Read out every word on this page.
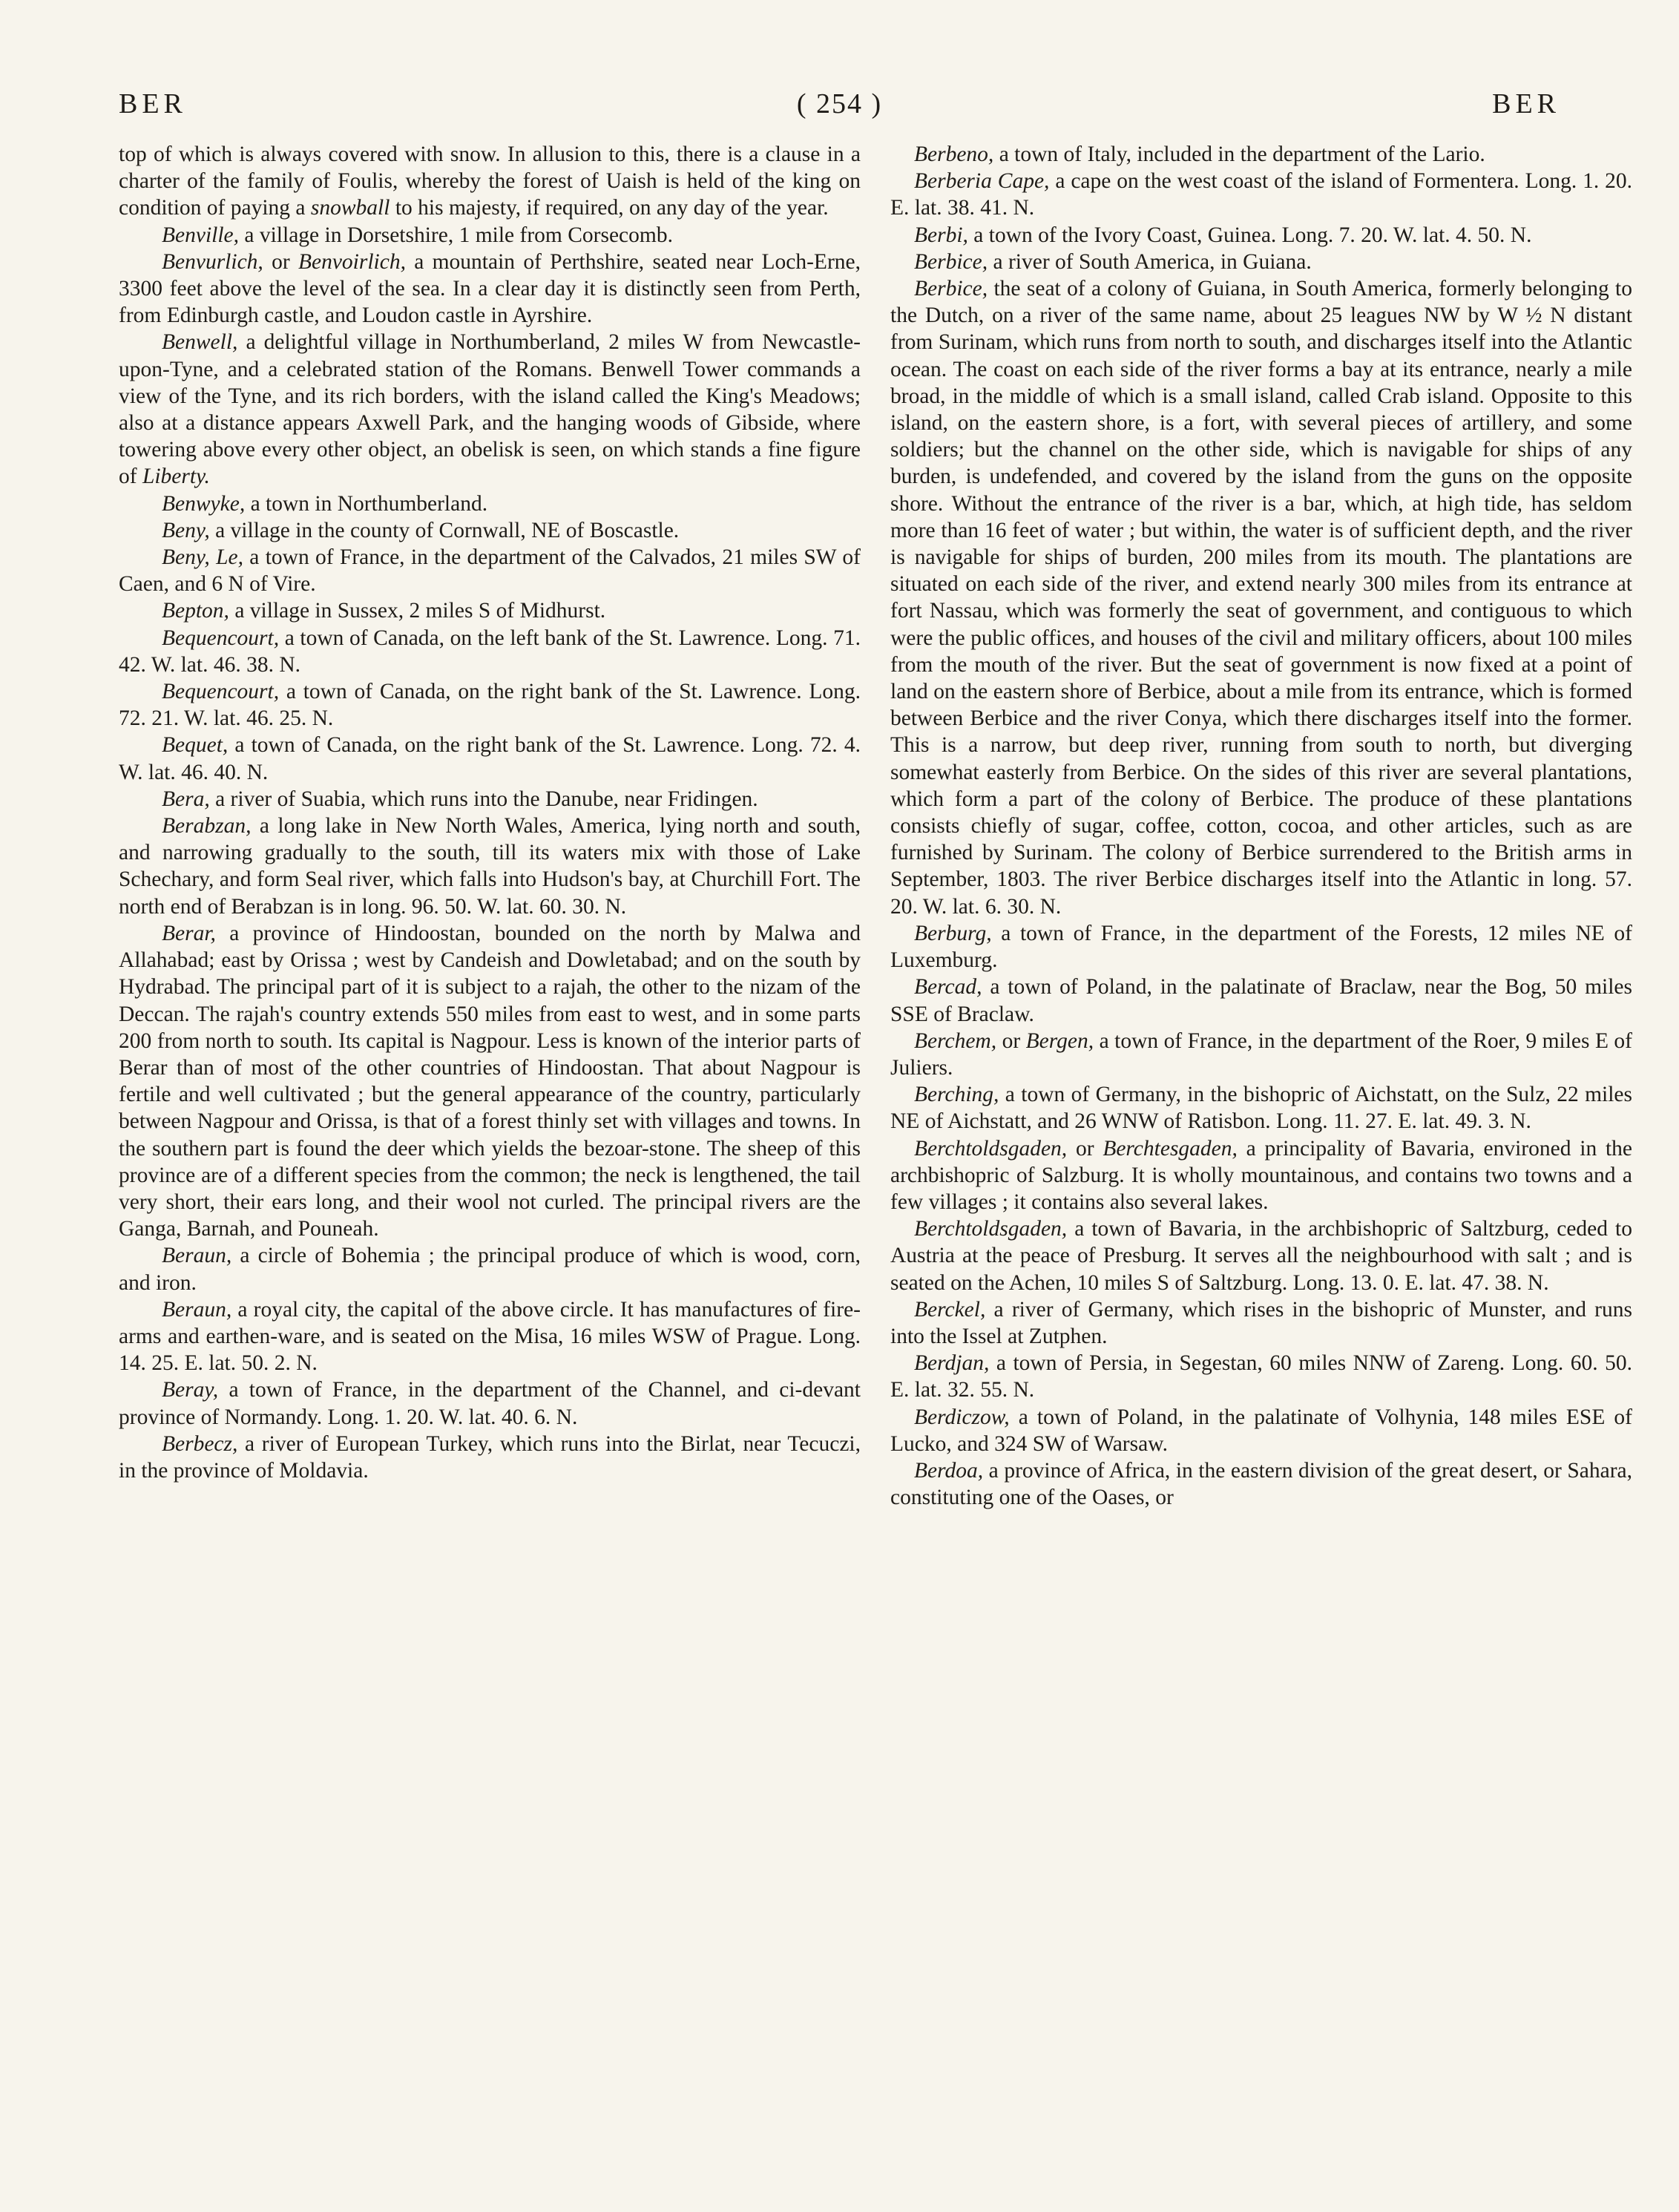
BER	( 254 )	BER

top of which is always covered with snow. In allusion to this, there is a clause in a charter of the family of Foulis, whereby the forest of Uaish is held of the king on condition of paying a snowball to his majesty, if required, on any day of the year.

Benville, a village in Dorsetshire, 1 mile from Corsecomb.

Benvurlich, or Benvoirlich, a mountain of Perthshire, seated near Loch-Erne, 3300 feet above the level of the sea. In a clear day it is distinctly seen from Perth, from Edinburgh castle, and Loudon castle in Ayrshire.

Benwell, a delightful village in Northumberland, 2 miles W from Newcastle-upon-Tyne, and a celebrated station of the Romans. Benwell Tower commands a view of the Tyne, and its rich borders, with the island called the King's Meadows; also at a distance appears Axwell Park, and the hanging woods of Gibside, where towering above every other object, an obelisk is seen, on which stands a fine figure of Liberty.

Benwyke, a town in Northumberland.

Beny, a village in the county of Cornwall, NE of Boscastle.

Beny, Le, a town of France, in the department of the Calvados, 21 miles SW of Caen, and 6 N of Vire.

Bepton, a village in Sussex, 2 miles S of Midhurst.

Bequencourt, a town of Canada, on the left bank of the St. Lawrence. Long. 71. 42. W. lat. 46. 38. N.

Bequencourt, a town of Canada, on the right bank of the St. Lawrence. Long. 72. 21. W. lat. 46. 25. N.

Bequet, a town of Canada, on the right bank of the St. Lawrence. Long. 72. 4. W. lat. 46. 40. N.

Bera, a river of Suabia, which runs into the Danube, near Fridingen.

Berabzan, a long lake in New North Wales, America, lying north and south, and narrowing gradually to the south, till its waters mix with those of Lake Schechary, and form Seal river, which falls into Hudson's bay, at Churchill Fort. The north end of Berabzan is in long. 96. 50. W. lat. 60. 30. N.

Berar, a province of Hindoostan, bounded on the north by Malwa and Allahabad; east by Orissa ; west by Candeish and Dowletabad; and on the south by Hydrabad. The principal part of it is subject to a rajah, the other to the nizam of the Deccan. The rajah's country extends 550 miles from east to west, and in some parts 200 from north to south. Its capital is Nagpour. Less is known of the interior parts of Berar than of most of the other countries of Hindoostan. That about Nagpour is fertile and well cultivated ; but the general appearance of the country, particularly between Nagpour and Orissa, is that of a forest thinly set with villages and towns. In the southern part is found the deer which yields the bezoar-stone. The sheep of this province are of a different species from the common; the neck is lengthened, the tail very short, their ears long, and their wool not curled. The principal rivers are the Ganga, Barnah, and Pouneah.

Beraun, a circle of Bohemia ; the principal produce of which is wood, corn, and iron.

Beraun, a royal city, the capital of the above circle. It has manufactures of fire-arms and earthen-ware, and is seated on the Misa, 16 miles WSW of Prague. Long. 14. 25. E. lat. 50. 2. N.

Beray, a town of France, in the department of the Channel, and ci-devant province of Normandy. Long. 1. 20. W. lat. 40. 6. N.

Berbecz, a river of European Turkey, which runs into the Birlat, near Tecuczi, in the province of Moldavia.

Berbeno, a town of Italy, included in the department of the Lario.

Berberia Cape, a cape on the west coast of the island of Formentera. Long. 1. 20. E. lat. 38. 41. N.

Berbi, a town of the Ivory Coast, Guinea. Long. 7. 20. W. lat. 4. 50. N.

Berbice, a river of South America, in Guiana.

Berbice, the seat of a colony of Guiana, in South America, formerly belonging to the Dutch, on a river of the same name, about 25 leagues NW by W ½ N distant from Surinam, which runs from north to south, and discharges itself into the Atlantic ocean. The coast on each side of the river forms a bay at its entrance, nearly a mile broad, in the middle of which is a small island, called Crab island. Opposite to this island, on the eastern shore, is a fort, with several pieces of artillery, and some soldiers; but the channel on the other side, which is navigable for ships of any burden, is undefended, and covered by the island from the guns on the opposite shore. Without the entrance of the river is a bar, which, at high tide, has seldom more than 16 feet of water ; but within, the water is of sufficient depth, and the river is navigable for ships of burden, 200 miles from its mouth. The plantations are situated on each side of the river, and extend nearly 300 miles from its entrance at fort Nassau, which was formerly the seat of government, and contiguous to which were the public offices, and houses of the civil and military officers, about 100 miles from the mouth of the river. But the seat of government is now fixed at a point of land on the eastern shore of Berbice, about a mile from its entrance, which is formed between Berbice and the river Conya, which there discharges itself into the former. This is a narrow, but deep river, running from south to north, but diverging somewhat easterly from Berbice. On the sides of this river are several plantations, which form a part of the colony of Berbice. The produce of these plantations consists chiefly of sugar, coffee, cotton, cocoa, and other articles, such as are furnished by Surinam. The colony of Berbice surrendered to the British arms in September, 1803. The river Berbice discharges itself into the Atlantic in long. 57. 20. W. lat. 6. 30. N.

Berburg, a town of France, in the department of the Forests, 12 miles NE of Luxemburg.

Bercad, a town of Poland, in the palatinate of Braclaw, near the Bog, 50 miles SSE of Braclaw.

Berchem, or Bergen, a town of France, in the department of the Roer, 9 miles E of Juliers.

Berching, a town of Germany, in the bishopric of Aichstatt, on the Sulz, 22 miles NE of Aichstatt, and 26 WNW of Ratisbon. Long. 11. 27. E. lat. 49. 3. N.

Berchtoldsgaden, or Berchtesgaden, a principality of Bavaria, environed in the archbishopric of Salzburg. It is wholly mountainous, and contains two towns and a few villages ; it contains also several lakes.

Berchtoldsgaden, a town of Bavaria, in the archbishopric of Saltzburg, ceded to Austria at the peace of Presburg. It serves all the neighbourhood with salt ; and is seated on the Achen, 10 miles S of Saltzburg. Long. 13. 0. E. lat. 47. 38. N.

Berckel, a river of Germany, which rises in the bishopric of Munster, and runs into the Issel at Zutphen.

Berdjan, a town of Persia, in Segestan, 60 miles NNW of Zareng. Long. 60. 50. E. lat. 32. 55. N.

Berdiczow, a town of Poland, in the palatinate of Volhynia, 148 miles ESE of Lucko, and 324 SW of Warsaw.

Berdoa, a province of Africa, in the eastern division of the great desert, or Sahara, constituting one of the Oases, or
